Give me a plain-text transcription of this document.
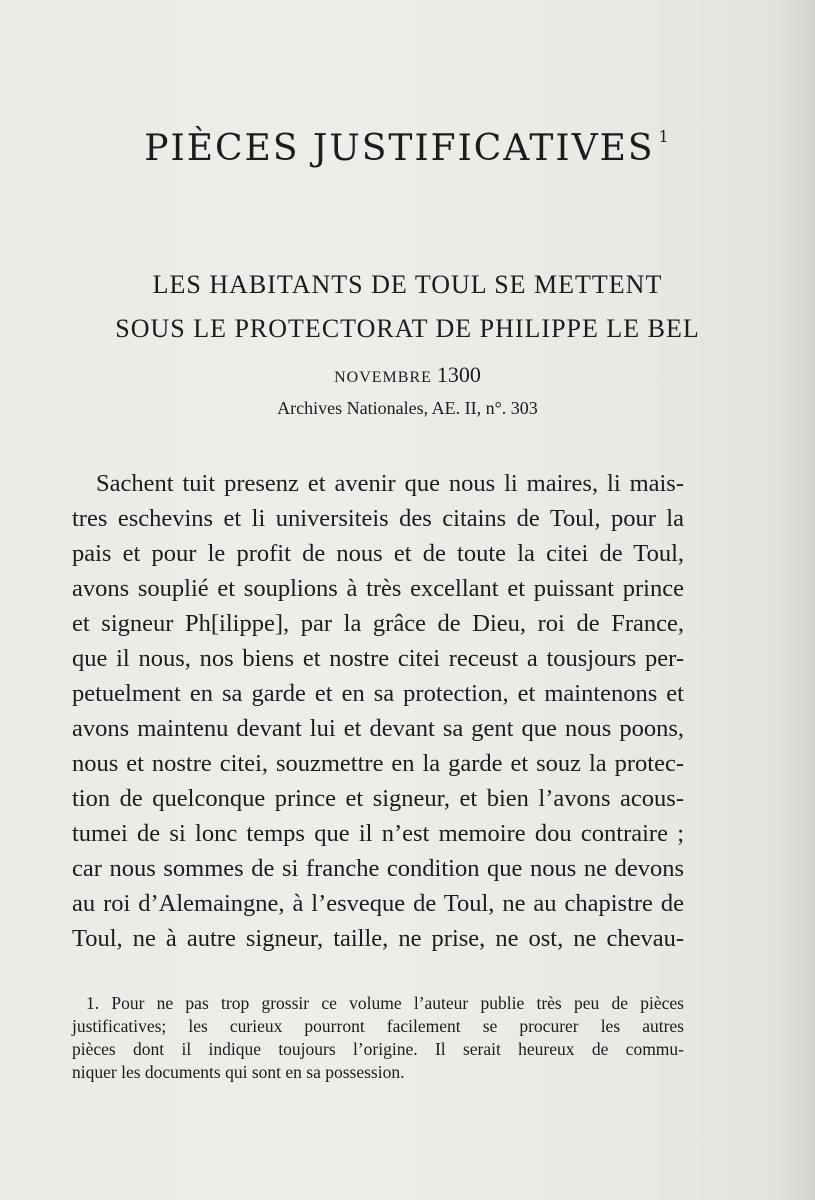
PIÈCES JUSTIFICATIVES $^1$
LES HABITANTS DE TOUL SE METTENT
SOUS LE PROTECTORAT DE PHILIPPE LE BEL
NOVEMBRE 1300
Archives Nationales, AE. II, n°. 303
Sachent tuit presenz et avenir que nous li maires, li mais-
tres eschevins et li universiteis des citains de Toul, pour la
pais et pour le profit de nous et de toute la citei de Toul,
avons souplié et souplions à très excellant et puissant prince
et signeur Ph[ilippe], par la grâce de Dieu, roi de France,
que il nous, nos biens et nostre citei receust a tousjours per-
petuelment en sa garde et en sa protection, et maintenons et
avons maintenu devant lui et devant sa gent que nous poons,
nous et nostre citei, souzmettre en la garde et souz la protec-
tion de quelconque prince et signeur, et bien l’avons acous-
tumei de si lonc temps que il n’est memoire dou contraire ;
car nous sommes de si franche condition que nous ne devons
au roi d’Alemaingne, à l’esveque de Toul, ne au chapistre de
Toul, ne à autre signeur, taille, ne prise, ne ost, ne chevau-
1. Pour ne pas trop grossir ce volume l’auteur publie très peu de pièces
justificatives; les curieux pourront facilement se procurer les autres
pièces dont il indique toujours l’origine. Il serait heureux de commu-
niquer les documents qui sont en sa possession.
